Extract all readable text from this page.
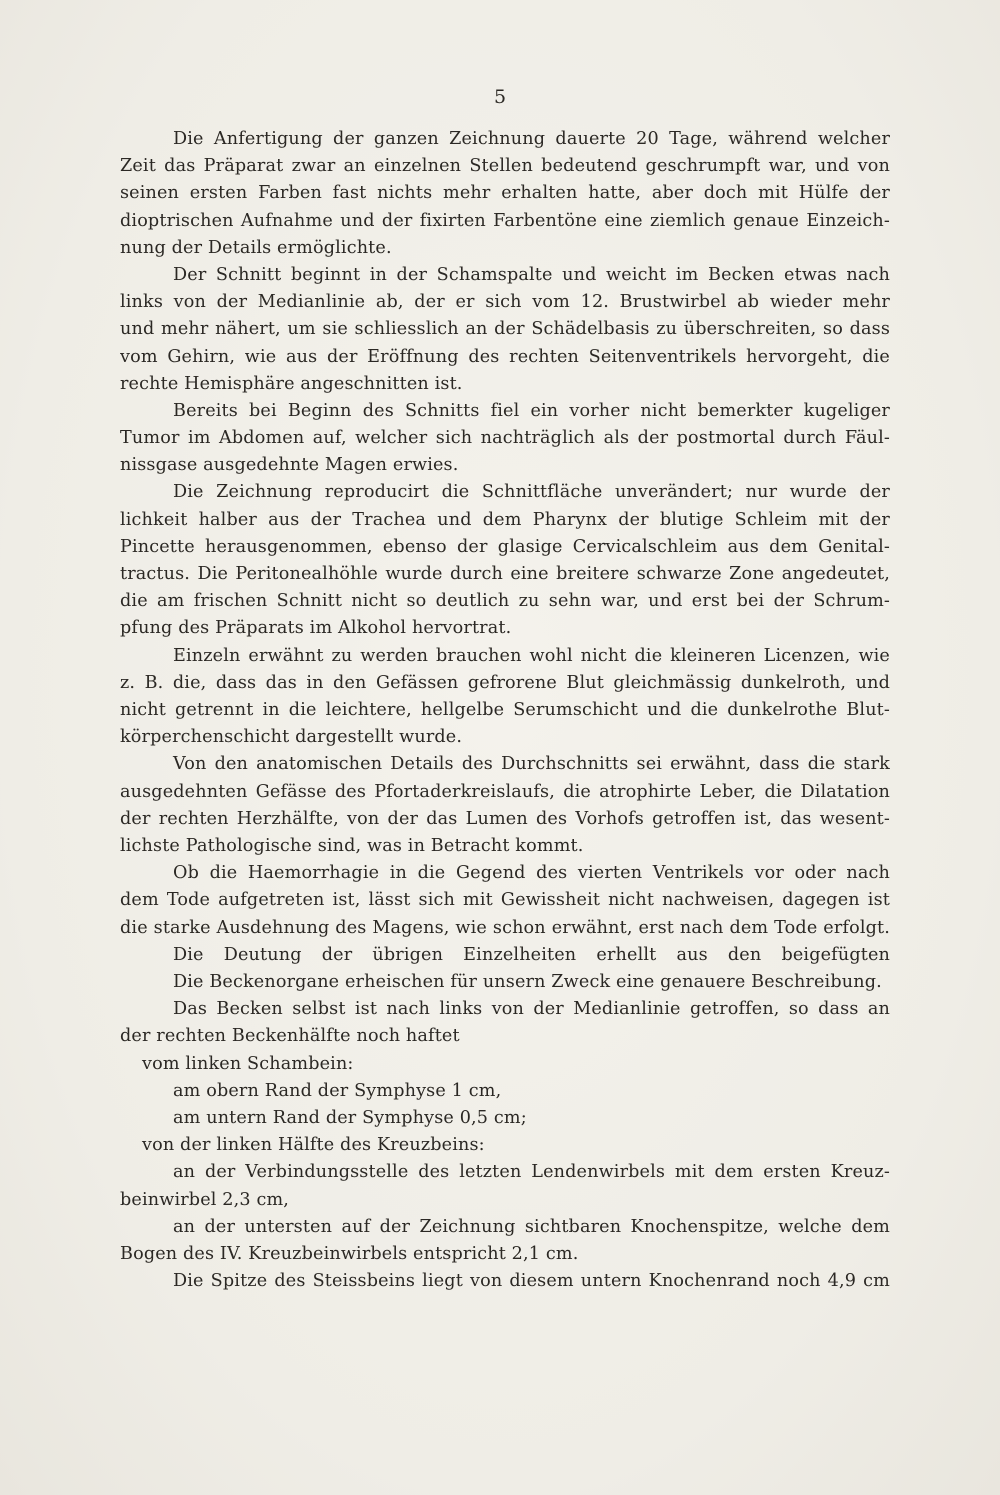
5
Die Anfertigung der ganzen Zeichnung dauerte 20 Tage, während welcher
Zeit das Präparat zwar an einzelnen Stellen bedeutend geschrumpft war, und von
seinen ersten Farben fast nichts mehr erhalten hatte, aber doch mit Hülfe der
dioptrischen Aufnahme und der fixirten Farbentöne eine ziemlich genaue Einzeich-
nung der Details ermöglichte.
Der Schnitt beginnt in der Schamspalte und weicht im Becken etwas nach
links von der Medianlinie ab, der er sich vom 12. Brustwirbel ab wieder mehr
und mehr nähert, um sie schliesslich an der Schädelbasis zu überschreiten, so dass
vom Gehirn, wie aus der Eröffnung des rechten Seitenventrikels hervorgeht, die
rechte Hemisphäre angeschnitten ist.
Bereits bei Beginn des Schnitts fiel ein vorher nicht bemerkter kugeliger
Tumor im Abdomen auf, welcher sich nachträglich als der postmortal durch Fäul-
nissgase ausgedehnte Magen erwies.
Die Zeichnung reproducirt die Schnittfläche unverändert; nur wurde der
lichkeit halber aus der Trachea und dem Pharynx der blutige Schleim mit der
Pincette herausgenommen, ebenso der glasige Cervicalschleim aus dem Genital-
tractus. Die Peritonealhöhle wurde durch eine breitere schwarze Zone angedeutet,
die am frischen Schnitt nicht so deutlich zu sehn war, und erst bei der Schrum-
pfung des Präparats im Alkohol hervortrat.
Einzeln erwähnt zu werden brauchen wohl nicht die kleineren Licenzen, wie
z. B. die, dass das in den Gefässen gefrorene Blut gleichmässig dunkelroth, und
nicht getrennt in die leichtere, hellgelbe Serumschicht und die dunkelrothe Blut-
körperchenschicht dargestellt wurde.
Von den anatomischen Details des Durchschnitts sei erwähnt, dass die stark
ausgedehnten Gefässe des Pfortaderkreislaufs, die atrophirte Leber, die Dilatation
der rechten Herzhälfte, von der das Lumen des Vorhofs getroffen ist, das wesent-
lichste Pathologische sind, was in Betracht kommt.
Ob die Haemorrhagie in die Gegend des vierten Ventrikels vor oder nach
dem Tode aufgetreten ist, lässt sich mit Gewissheit nicht nachweisen, dagegen ist
die starke Ausdehnung des Magens, wie schon erwähnt, erst nach dem Tode erfolgt.
Die Deutung der übrigen Einzelheiten erhellt aus den beigefügten
Die Beckenorgane erheischen für unsern Zweck eine genauere Beschreibung.
Das Becken selbst ist nach links von der Medianlinie getroffen, so dass an
der rechten Beckenhälfte noch haftet
vom linken Schambein:
am obern Rand der Symphyse 1 cm,
am untern Rand der Symphyse 0,5 cm;
von der linken Hälfte des Kreuzbeins:
an der Verbindungsstelle des letzten Lendenwirbels mit dem ersten Kreuz-
beinwirbel 2,3 cm,
an der untersten auf der Zeichnung sichtbaren Knochenspitze, welche dem
Bogen des IV. Kreuzbeinwirbels entspricht 2,1 cm.
Die Spitze des Steissbeins liegt von diesem untern Knochenrand noch 4,9 cm
